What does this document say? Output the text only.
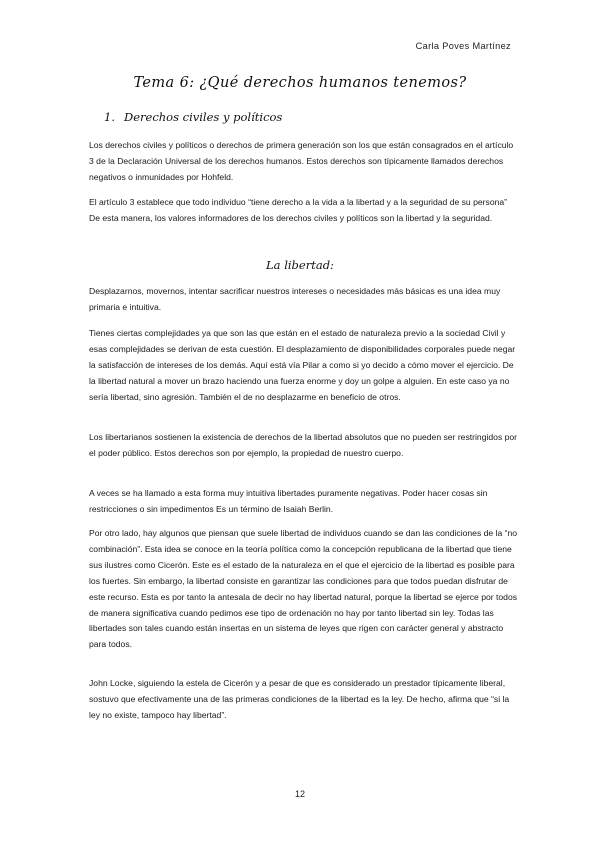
Carla Poves Martínez
Tema 6: ¿Qué derechos humanos tenemos?
1. Derechos civiles y políticos

Los derechos civiles y políticos o derechos de primera generación son los que están consagrados en el artículo 3 de la Declaración Universal de los derechos humanos. Estos derechos son típicamente llamados derechos negativos o inmunidades por Hohfeld.

El artículo 3 establece que todo individuo “tiene derecho a la vida a la libertad y a la seguridad de su persona” De esta manera, los valores informadores de los derechos civiles y políticos son la libertad y la seguridad.

La libertad:

Desplazarnos, movernos, intentar sacrificar nuestros intereses o necesidades más básicas es una idea muy primaria e intuitiva.

Tienes ciertas complejidades ya que son las que están en el estado de naturaleza previo a la sociedad Civil y esas complejidades se derivan de esta cuestión. El desplazamiento de disponibilidades corporales puede negar la satisfacción de intereses de los demás. Aquí está vía Pilar a como si yo decido a cómo mover el ejercicio. De la libertad natural a mover un brazo haciendo una fuerza enorme y doy un golpe a alguien. En este caso ya no sería libertad, sino agresión. También el de no desplazarme en beneficio de otros.

Los libertarianos sostienen la existencia de derechos de la libertad absolutos que no pueden ser restringidos por el poder público. Estos derechos son por ejemplo, la propiedad de nuestro cuerpo.

A veces se ha llamado a esta forma muy intuitiva libertades puramente negativas. Poder hacer cosas sin restricciones o sin impedimentos Es un término de Isaiah Berlin.

Por otro lado, hay algunos que piensan que suele libertad de individuos cuando se dan las condiciones de la “no combinación”. Esta idea se conoce en la teoría política como la concepción republicana de la libertad que tiene sus ilustres como Cicerón. Este es el estado de la naturaleza en el que el ejercicio de la libertad es posible para los fuertes. Sin embargo, la libertad consiste en garantizar las condiciones para que todos puedan disfrutar de este recurso. Esta es por tanto la antesala de decir no hay libertad natural, porque la libertad se ejerce por todos de manera significativa cuando pedimos ese tipo de ordenación no hay por tanto libertad sin ley. Todas las libertades son tales cuando están insertas en un sistema de leyes que rigen con carácter general y abstracto para todos.

John Locke, siguiendo la estela de Cicerón y a pesar de que es considerado un prestador típicamente liberal, sostuvo que efectivamente una de las primeras condiciones de la libertad es la ley. De hecho, afirma que “si la ley no existe, tampoco hay libertad”.

12
